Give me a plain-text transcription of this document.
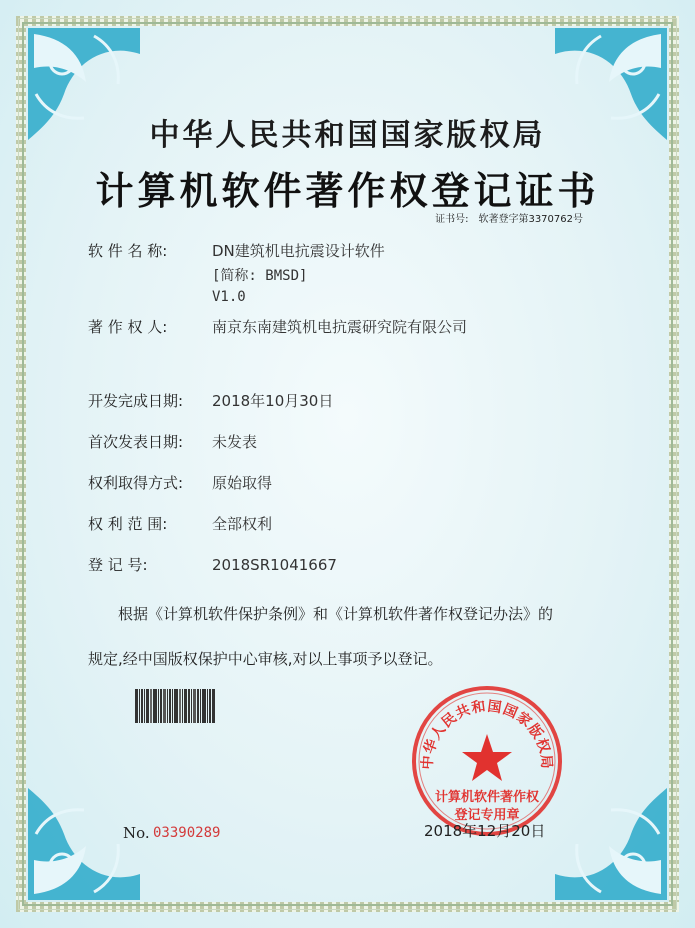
中华人民共和国国家版权局
计算机软件著作权登记证书
证书号: 软著登字第3370762号
软 件 名 称:	DN建筑机电抗震设计软件
[简称: BMSD]
V1.0
著 作 权 人:	南京东南建筑机电抗震研究院有限公司
开发完成日期: 2018年10月30日
首次发表日期: 未发表
权利取得方式: 原始取得
权 利 范 围:	全部权利
登 记 号:	2018SR1041667
根据《计算机软件保护条例》和《计算机软件著作权登记办法》的
规定,经中国版权保护中心审核,对以上事项予以登记。
中华人民共和国国家版权局
计算机软件著作权
登记专用章
No. 03390289	2018年12月20日
